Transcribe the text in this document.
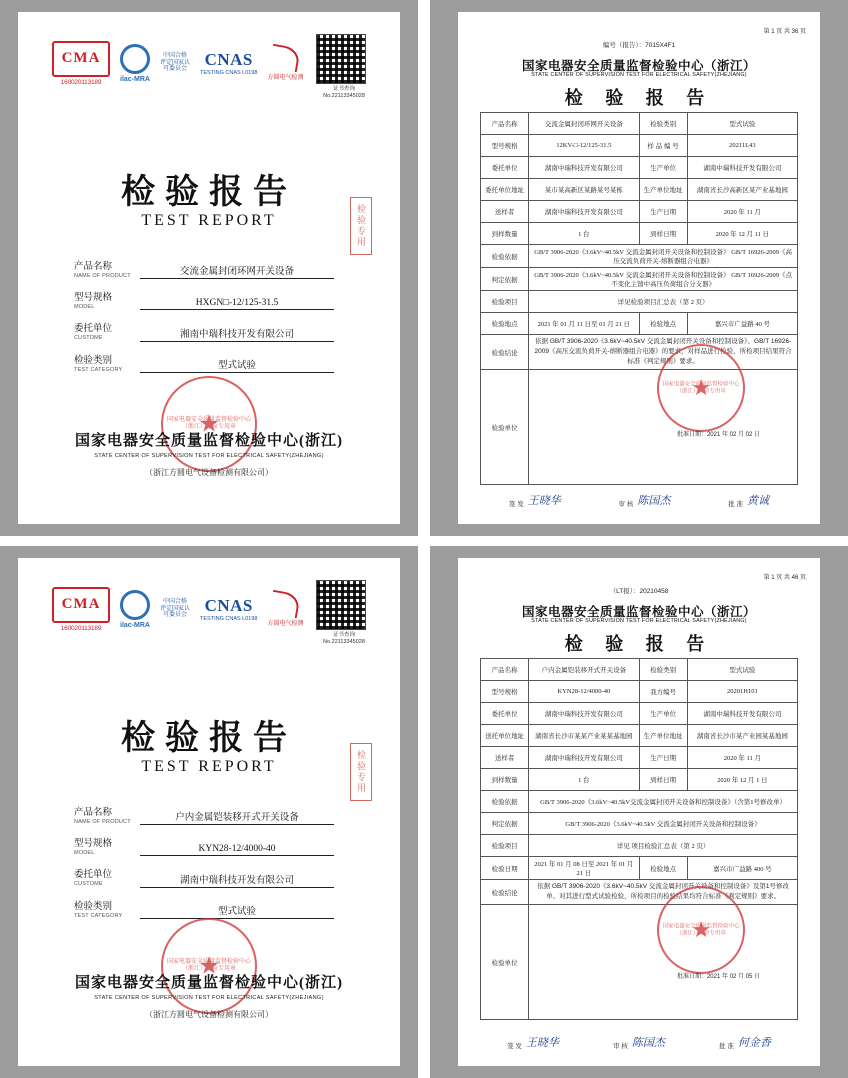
CMA
160020113189	ilac-MRA
中国合格
评定国家认
可委员会
CNAS
TESTING CNAS L0198
方圆电气检测
证书查询 No.22113345028
检验报告
TEST REPORT	检验专用
产品名称
NAME OF PRODUCT	交流金属封闭环网开关设备
型号规格
MODEL	HXGN□-12/125-31.5
委托单位
CUSTOME	湘南中瑞科技开发有限公司
检验类别
TEST CATEGORY	型式试验
国家电器安全质量监督检验中心（浙江）检验专用章
★
国家电器安全质量监督检验中心(浙江)
STATE CENTER OF SUPERVISION TEST FOR ELECTRICAL SAFETY(ZHEJIANG)
（浙江方圆电气设备检测有限公司）
编号（报告）：7015X4F1
第 1 页 共 36 页
国家电器安全质量监督检验中心（浙江）
STATE CENTER OF SUPERVISION TEST FOR ELECTRICAL SAFETY(ZHEJIANG)
检 验 报 告
产品名称	交流金属封闭环网开关设备	检验类别	型式试验
型号规格	12KV-□-12/125-31.5	样 品 编 号	20211L43
委托单位	湖南中瑞科技开发有限公司	生产单位	湖南中瑞科技开发有限公司
委托单位地址	某市某高新区某路某号某栋	生产单位地址	湖南省长沙高新区某产业基地园
送样者	湖南中瑞科技开发有限公司	生产日期	2020 年 11 月
到样数量	1 台	到样日期	2020 年 12 月 11 日
检验依据	GB/T 3906-2020《3.6kV~40.5kV 交流金属封闭开关设备和控制设备》 GB/T 16926-2009《高压交流负荷开关-熔断器组合电器》		
判定依据	GB/T 3906-2020《3.6kV~40.5kV 交流金属封闭开关设备和控制设备》 GB/T 16926-2009《点不变化主馈中高压负荷组合分支器》		
检验项目	详见检验项目汇总表（第 2 页）		
检验地点	2021 年 01 月 11 日至 01 月 21 日	检验地点	嘉兴市广益路 40 号
检验结论	依据 GB/T 3906-2020《3.6kV~40.5kV 交流金属封闭开关设备和控制设备》、GB/T 16926-2009《高压交流负荷开关-熔断器组合电器》的要求，对样品进行检验，所检项目结果符合标准《判定规则》要求。		
检验单位			
国家电器安全质量监督检验中心（浙江）检验专用章
★
批准日期：2021 年 02 月 02 日
签 发 王晓华	审 核 陈国杰	批 准 黄诚
CMA
160020113189	ilac-MRA
中国合格
评定国家认
可委员会
CNAS
TESTING CNAS L0198
方圆电气检测
证书查询 No.22113345028
检验报告
TEST REPORT	检验专用
产品名称
NAME OF PRODUCT	户内金属铠装移开式开关设备
型号规格
MODEL	KYN28-12/4000-40
委托单位
CUSTOME	湖南中瑞科技开发有限公司
检验类别
TEST CATEGORY	型式试验
国家电器安全质量监督检验中心（浙江）检验专用章
★
国家电器安全质量监督检验中心(浙江)
STATE CENTER OF SUPERVISION TEST FOR ELECTRICAL SAFETY(ZHEJIANG)
（浙江方圆电气设备检测有限公司）
（LT报）：20210458
第 1 页 共 46 页
国家电器安全质量监督检验中心（浙江）
STATE CENTER OF SUPERVISION TEST FOR ELECTRICAL SAFETY(ZHEJIANG)
检 验 报 告
产品名称	户内金属铠装移开式开关设备	检验类别	型式试验
型号规格	KYN28-12/4000-40	我方编号	20201H101
委托单位	湖南中瑞科技开发有限公司	生产单位	湖南中瑞科技开发有限公司
送托单位地址	湖南省长沙市某某产业某某基地园	生产单位地址	湖南省长沙市某产业园某基地园
送样者	湖南中瑞科技开发有限公司	生产日期	2020 年 11 月
到样数量	1 台	到样日期	2020 年 12 月 1 日
检验依据	GB/T 3906-2020《3.6kV~40.5kV交流金属封闭开关设备和控制设备》（含第1号修改单）		
判定依据	GB/T 3906-2020《3.6kV~40.5kV 交流金属封闭开关设备和控制设备》		
检验项目	详见 项目检验汇总表（第 2 页）		
检验日期	2021 年 01 月 08 日至 2021 年 01 月 21 日	检验地点	嘉兴市广益路 400 号
检验结论	依据 GB/T 3906-2020《3.6kV~40.5kV 交流金属封闭开关设备和控制设备》及第1号修改单、对其进行型式试验检验，所检项目的检验结果均符合标准《判定规则》要求。		
检验单位			
国家电器安全质量监督检验中心（浙江）检验专用章
★
批准日期：2021 年 02 月 05 日
签 发 王晓华	审 核 陈国杰	批 准 何金香
